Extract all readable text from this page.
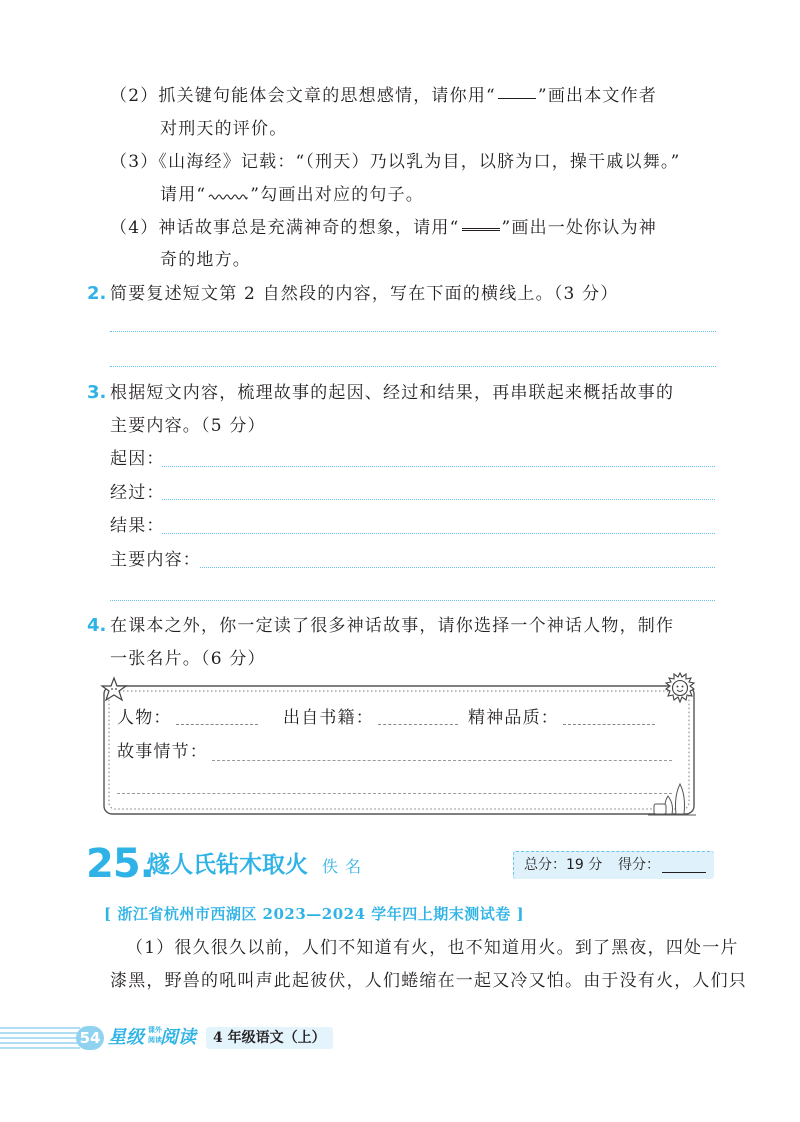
（2）抓关键句能体会文章的思想感情，请你用“ ”画出本文作者
对刑天的评价。
（3）《山海经》记载：“（刑天）乃以乳为目，以脐为口，操干戚以舞。”
请用“	”勾画出对应的句子。
（4）神话故事总是充满神奇的想象，请用“ ”画出一处你认为神
奇的地方。
2. 简要复述短文第 2 自然段的内容，写在下面的横线上。（3 分）
3. 根据短文内容，梳理故事的起因、经过和结果，再串联起来概括故事的
主要内容。（5 分）
起因：
经过：
结果：
主要内容：
4. 在课本之外，你一定读了很多神话故事，请你选择一个神话人物，制作
一张名片。（6 分）
人物：	出自书籍：	精神品质：
故事情节：
25.
燧人氏钻木取火 佚 名	总分：19 分 得分：
[ 浙江省杭州市西湖区 2023—2024 学年四上期末测试卷 ]
（1）很久很久以前，人们不知道有火，也不知道用火。到了黑夜，四处一片
漆黑，野兽的吼叫声此起彼伏，人们蜷缩在一起又冷又怕。由于没有火，人们只
54 星级 课外
阅读
阅读	4 年级语文（上）
